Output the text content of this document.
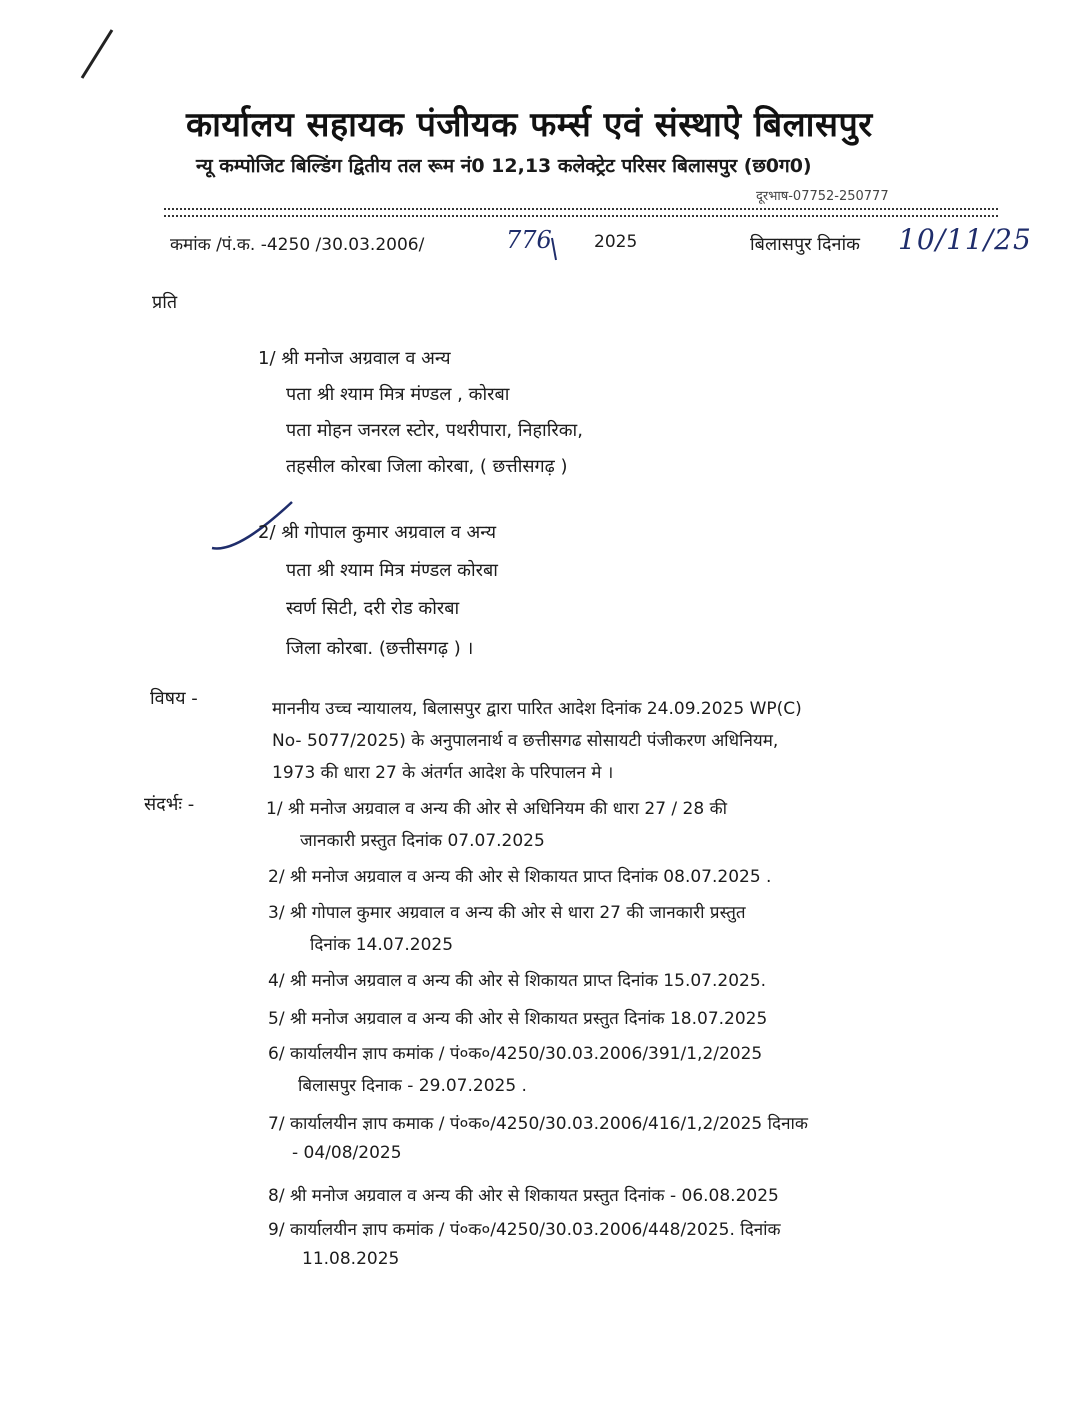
कार्यालय सहायक पंजीयक फर्म्स एवं संस्थाऐ बिलासपुर
न्यू कम्पोजिट बिल्डिंग द्वितीय तल रूम नं0 12,13 कलेक्ट्रेट परिसर बिलासपुर (छ0ग0)
दूरभाष-07752-250777
कमांक /पं.क. -4250 /30.03.2006/	776 2025	बिलासपुर दिनांक 10/11/25
प्रति
1/ श्री मनोज अग्रवाल व अन्य
पता श्री श्याम मित्र मंण्डल , कोरबा
पता मोहन जनरल स्टोर, पथरीपारा, निहारिका,
तहसील कोरबा जिला कोरबा, ( छत्तीसगढ़ )
2/ श्री गोपाल कुमार अग्रवाल व अन्य
पता श्री श्याम मित्र मंण्डल कोरबा
स्वर्ण सिटी, दरी रोड कोरबा
जिला कोरबा. (छत्तीसगढ़ ) ।
विषय -	माननीय उच्च न्यायालय, बिलासपुर द्वारा पारित आदेश दिनांक 24.09.2025 WP(C)
No- 5077/2025) के अनुपालनार्थ व छत्तीसगढ सोसायटी पंजीकरण अधिनियम,
1973 की धारा 27 के अंतर्गत आदेश के परिपालन मे ।
संदर्भः -	1/ श्री मनोज अग्रवाल व अन्य की ओर से अधिनियम की धारा 27 / 28 की
जानकारी प्रस्तुत दिनांक 07.07.2025
2/ श्री मनोज अग्रवाल व अन्य की ओर से शिकायत प्राप्त दिनांक 08.07.2025 .
3/ श्री गोपाल कुमार अग्रवाल व अन्य की ओर से धारा 27 की जानकारी प्रस्तुत
दिनांक 14.07.2025
4/ श्री मनोज अग्रवाल व अन्य की ओर से शिकायत प्राप्त दिनांक 15.07.2025.
5/ श्री मनोज अग्रवाल व अन्य की ओर से शिकायत प्रस्तुत दिनांक 18.07.2025
6/ कार्यालयीन ज्ञाप कमांक / पं०क०/4250/30.03.2006/391/1,2/2025
बिलासपुर दिनाक - 29.07.2025 .
7/ कार्यालयीन ज्ञाप कमाक / पं०क०/4250/30.03.2006/416/1,2/2025 दिनाक
- 04/08/2025
8/ श्री मनोज अग्रवाल व अन्य की ओर से शिकायत प्रस्तुत दिनांक - 06.08.2025
9/ कार्यालयीन ज्ञाप कमांक / पं०क०/4250/30.03.2006/448/2025. दिनांक
11.08.2025
